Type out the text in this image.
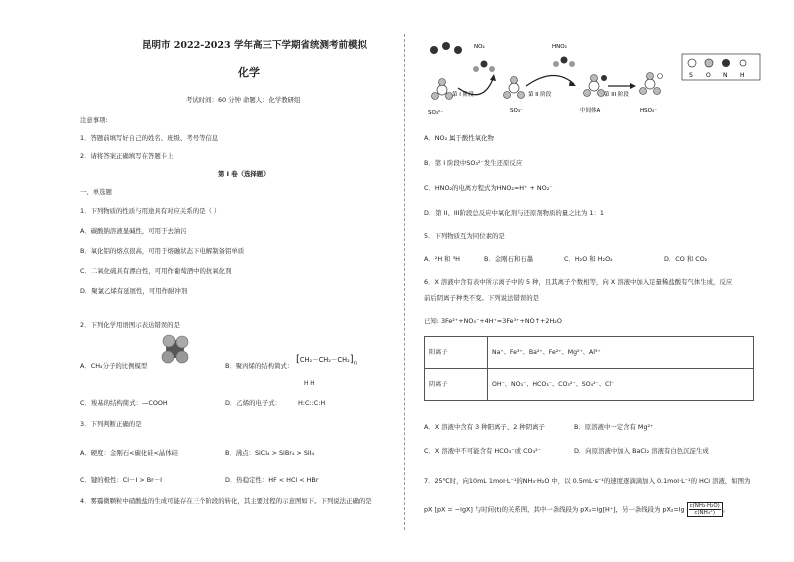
昆明市 2022-2023 学年高三下学期省统测考前模拟
化学
考试时间：60 分钟 命题人：化学教研组
注意事项:
1．答题前填写好自己的姓名、班级、考号等信息
2．请将答案正确填写在答题卡上
第 I 卷（选择题）
一、单选题
1．下列物质的性质与用途具有对应关系的是（ ）
A．碳酸钠溶液显碱性，可用于去油污
B．氧化铝的熔点很高，可用于熔融状态下电解制备铝单质
C．二氧化硫具有漂白性，可用作葡萄酒中的抗氧化剂
D．聚氯乙烯有延展性，可用作耐冲剂
2．下列化学用语图示表达错误的是
A．CH₄分子的比例模型	B．聚丙烯的结构简式：
$[CH_2-CH_2-CH_2]_n$
C．羧基的结构简式：—COOH	D．乙烯的电子式：
H H
H:C::C:H
3．下列判断正确的是
A．硬度：金刚石<碳化硅<晶体硅	B．沸点：SiCl₄ > SiBr₄ > SiI₄
C．键的极性：Cl－I > Br－I	D．热稳定性：HF < HCl < HBr
4．雾霾微颗粒中硝酸盐的生成可能存在三个阶段的转化，其主要过程的示意图如下。下列说法正确的是
SO₃²⁻
NO₂
第 I 阶段
SO₃⁻
第 II 阶段
HNO₂
中间体A
第 III 阶段
HSO₄⁻
S O N H
A．NO₂ 属于酸性氧化物
B．第 I 阶段中SO₃²⁻发生还原反应
C．HNO₂的电离方程式为HNO₂=H⁺ + NO₂⁻
D．第 II、III阶段总反应中氧化剂与还原剂物质的量之比为 1：1
5．下列物质互为同位素的是
A．²H 和 ³H	B．金刚石和石墨	C．H₂O 和 H₂O₂	D．CO 和 CO₂
6．X 溶液中含有表中所示离子中的 5 种，且其离子个数相等，向 X 溶液中加入足量稀盐酸有气体生成，反应
前后阴离子种类不变。下列说法错误的是
已知: 3Fe²⁺+NO₃⁻+4H⁺=3Fe³⁺+NO↑+2H₂O
阳离子	Na⁺、Fe³⁺、Ba²⁺、Fe²⁺、Mg²⁺、Al³⁺
阴离子	OH⁻、NO₃⁻、HCO₃⁻、CO₃²⁻、SO₄²⁻、Cl⁻
A．X 溶液中含有 3 种阳离子、2 种阴离子	B．原溶液中一定含有 Mg²⁺
C．X 溶液中不可能含有 HCO₃⁻或 CO₃²⁻	D．向原溶液中加入 BaCl₂ 溶液有白色沉淀生成
7．25℃时，向10mL 1mol·L⁻¹的NH₃·H₂O 中，以 0.5mL·s⁻¹的速度逐滴滴加入 0.1mol·L⁻¹的 HCl 溶液，如图为
pX [pX = −lgX] 与时间(t)的关系图，其中一条线段为 pX₁=lg[H⁺]，另一条线段为 $pX_2=\lg \frac{\text{c(NH₃·H₂O)}}{\text{c(NH₄⁺)}}$ 。
